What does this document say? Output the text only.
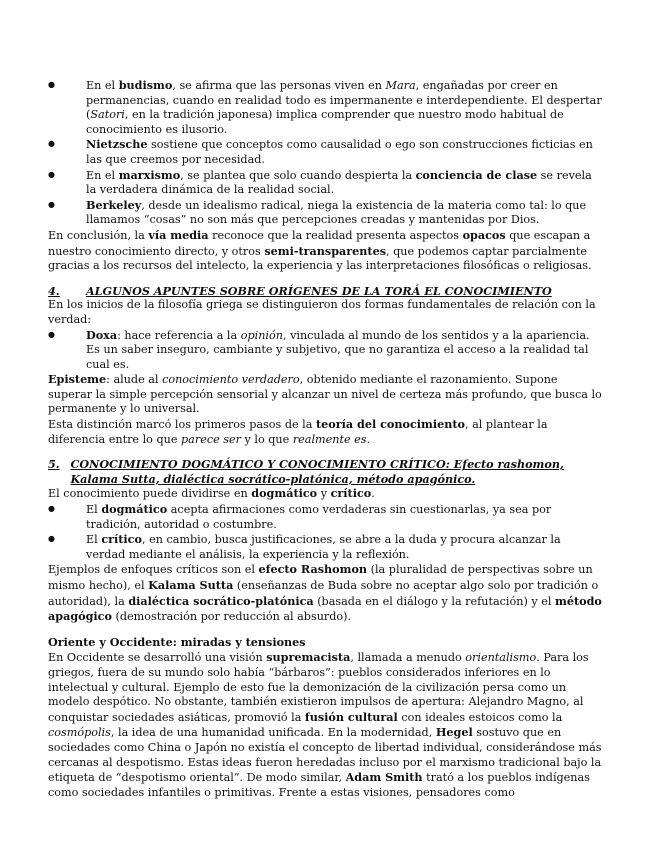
● En el budismo, se afirma que las personas viven en Mara, engañadas por creer en permanencias, cuando en realidad todo es impermanente e interdependiente. El despertar (Satori, en la tradición japonesa) implica comprender que nuestro modo habitual de conocimiento es ilusorio.

● Nietzsche sostiene que conceptos como causalidad o ego son construcciones ficticias en las que creemos por necesidad.

● En el marxismo, se plantea que solo cuando despierta la conciencia de clase se revela la verdadera dinámica de la realidad social.

● Berkeley, desde un idealismo radical, niega la existencia de la materia como tal: lo que llamamos “cosas” no son más que percepciones creadas y mantenidas por Dios.

En conclusión, la vía media reconoce que la realidad presenta aspectos opacos que escapan a nuestro conocimiento directo, y otros semi-transparentes, que podemos captar parcialmente gracias a los recursos del intelecto, la experiencia y las interpretaciones filosóficas o religiosas.

4.	ALGUNOS APUNTES SOBRE ORÍGENES DE LA TORÁ EL CONOCIMIENTO

En los inicios de la filosofía griega se distinguieron dos formas fundamentales de relación con la verdad:

● Doxa: hace referencia a la opinión, vinculada al mundo de los sentidos y a la apariencia. Es un saber inseguro, cambiante y subjetivo, que no garantiza el acceso a la realidad tal cual es.

Episteme: alude al conocimiento verdadero, obtenido mediante el razonamiento. Supone superar la simple percepción sensorial y alcanzar un nivel de certeza más profundo, que busca lo permanente y lo universal.

Esta distinción marcó los primeros pasos de la teoría del conocimiento, al plantear la diferencia entre lo que parece ser y lo que realmente es.

5. CONOCIMIENTO DOGMÁTICO Y CONOCIMIENTO CRÍTICO: Efecto rashomon, Kalama Sutta, dialéctica socrático-platónica, método apagónico.

El conocimiento puede dividirse en dogmático y crítico.

● El dogmático acepta afirmaciones como verdaderas sin cuestionarlas, ya sea por tradición, autoridad o costumbre.

● El crítico, en cambio, busca justificaciones, se abre a la duda y procura alcanzar la verdad mediante el análisis, la experiencia y la reflexión.

Ejemplos de enfoques críticos son el efecto Rashomon (la pluralidad de perspectivas sobre un mismo hecho), el Kalama Sutta (enseñanzas de Buda sobre no aceptar algo solo por tradición o autoridad), la dialéctica socrático-platónica (basada en el diálogo y la refutación) y el método apagógico (demostración por reducción al absurdo).

Oriente y Occidente: miradas y tensiones

En Occidente se desarrolló una visión supremacista, llamada a menudo orientalismo. Para los griegos, fuera de su mundo solo había “bárbaros”: pueblos considerados inferiores en lo intelectual y cultural. Ejemplo de esto fue la demonización de la civilización persa como un modelo despótico. No obstante, también existieron impulsos de apertura: Alejandro Magno, al conquistar sociedades asiáticas, promovió la fusión cultural con ideales estoicos como la cosmópolis, la idea de una humanidad unificada. En la modernidad, Hegel sostuvo que en sociedades como China o Japón no existía el concepto de libertad individual, considerándose más cercanas al despotismo. Estas ideas fueron heredadas incluso por el marxismo tradicional bajo la etiqueta de “despotismo oriental”. De modo similar, Adam Smith trató a los pueblos indígenas como sociedades infantiles o primitivas. Frente a estas visiones, pensadores como
